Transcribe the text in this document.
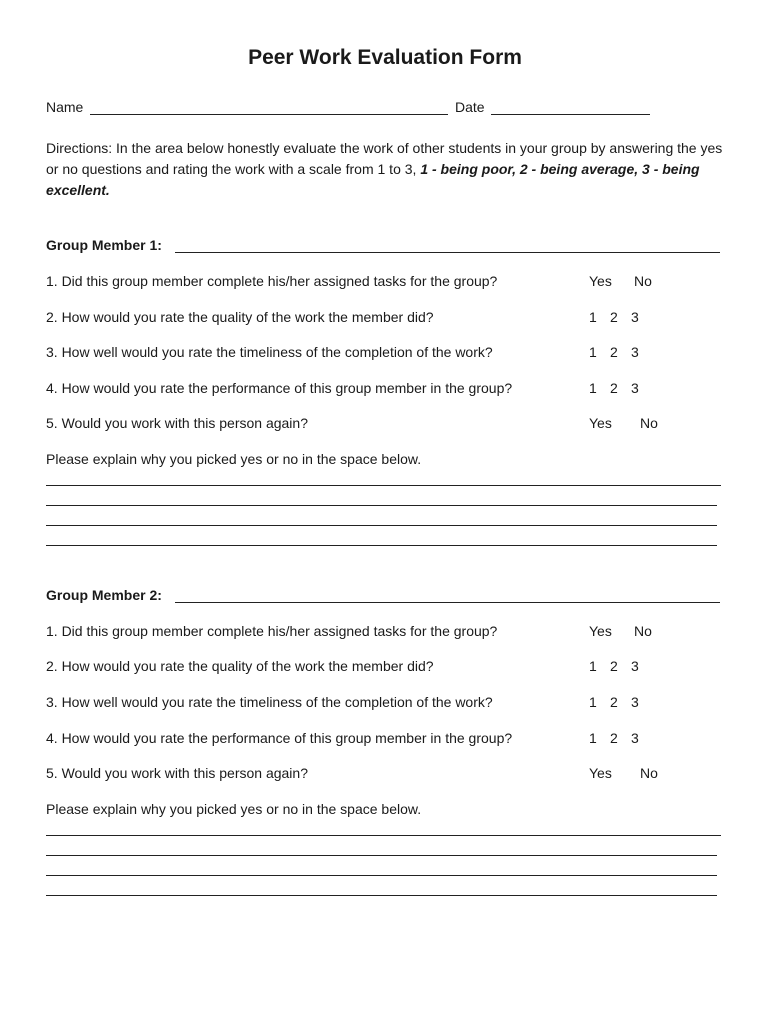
Peer Work Evaluation Form
Name	Date
Directions: In the area below honestly evaluate the work of other students in your group by answering the yes or no questions and rating the work with a scale from 1 to 3, 1 - being poor, 2 - being average, 3 - being excellent.
Group Member 1:
1. Did this group member complete his/her assigned tasks for the group?	Yes No
2. How would you rate the quality of the work the member did?	1 2 3
3. How well would you rate the timeliness of the completion of the work?	1 2 3
4. How would you rate the performance of this group member in the group?	1 2 3
5. Would you work with this person again?	Yes No
Please explain why you picked yes or no in the space below.
Group Member 2:
1. Did this group member complete his/her assigned tasks for the group?	Yes No
2. How would you rate the quality of the work the member did?	1 2 3
3. How well would you rate the timeliness of the completion of the work?	1 2 3
4. How would you rate the performance of this group member in the group?	1 2 3
5. Would you work with this person again?	Yes No
Please explain why you picked yes or no in the space below.
